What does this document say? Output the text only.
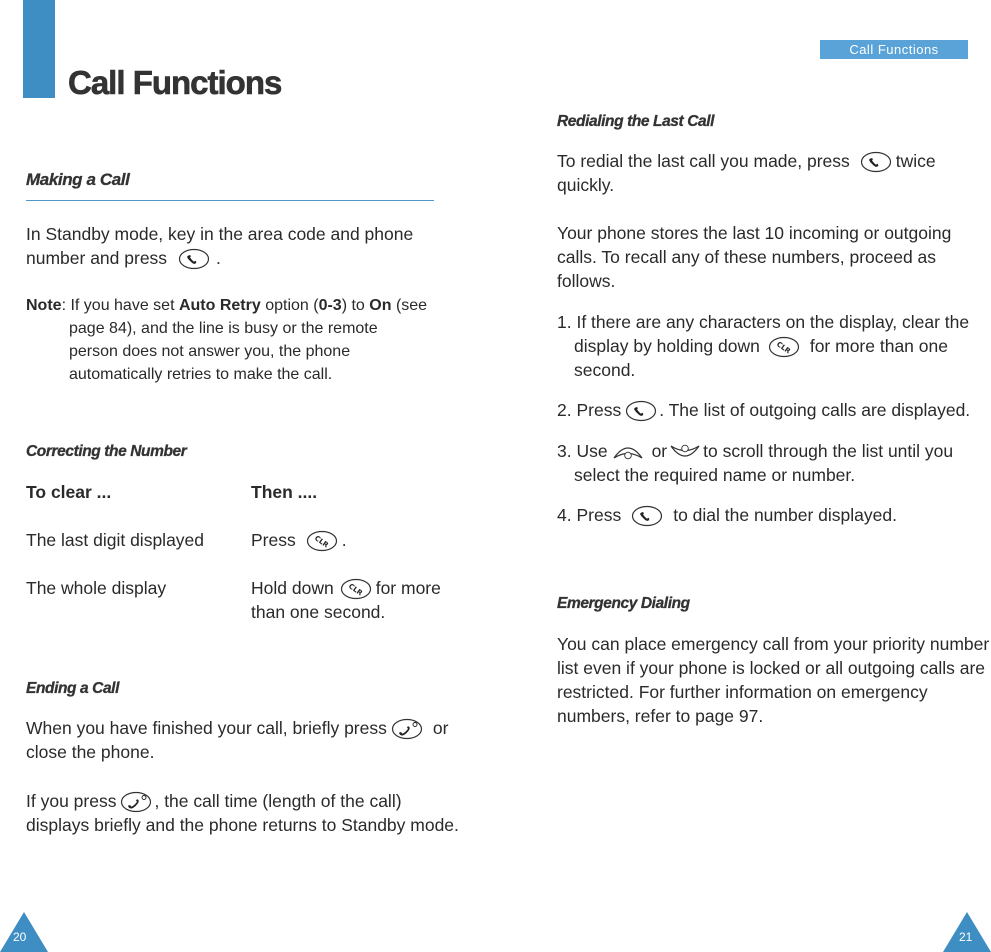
Call Functions
Making a Call
In Standby mode, key in the area code and phone
number and press	.
Note: If you have set Auto Retry option (0-3) to On (see
page 84), and the line is busy or the remote
person does not answer you, the phone
automatically retries to make the call.
Correcting the Number
To clear ...	Then ....
The last digit displayed	Press	.
The whole display	Hold down for more
than one second.
Ending a Call
When you have finished your call, briefly press	or
close the phone.
If you press , the call time (length of the call)
displays briefly and the phone returns to Standby mode.
20
Call Functions
Redialing the Last Call
To redial the last call you made, press	twice
quickly.
Your phone stores the last 10 incoming or outgoing
calls. To recall any of these numbers, proceed as
follows.
1. If there are any characters on the display, clear the
display by holding down	for more than one
second.
2. Press . The list of outgoing calls are displayed.
3. Use	or to scroll through the list until you
select the required name or number.
4. Press	to dial the number displayed.
Emergency Dialing
You can place emergency call from your priority number
list even if your phone is locked or all outgoing calls are
restricted. For further information on emergency
numbers, refer to page 97.
21
